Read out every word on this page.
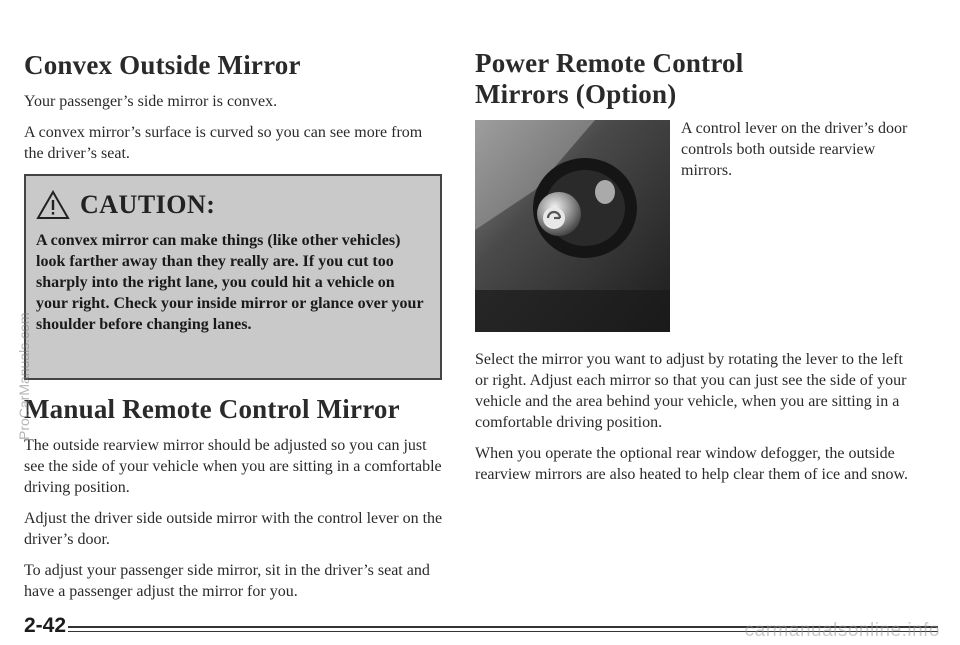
Convex Outside Mirror

Your passenger’s side mirror is convex.

A convex mirror’s surface is curved so you can see more from the driver’s seat.

CAUTION:

A convex mirror can make things (like other vehicles) look farther away than they really are. If you cut too sharply into the right lane, you could hit a vehicle on your right. Check your inside mirror or glance over your shoulder before changing lanes.

Manual Remote Control Mirror

The outside rearview mirror should be adjusted so you can just see the side of your vehicle when you are sitting in a comfortable driving position.

Adjust the driver side outside mirror with the control lever on the driver’s door.

To adjust your passenger side mirror, sit in the driver’s seat and have a passenger adjust the mirror for you.

Power Remote Control Mirrors (Option)

A control lever on the driver’s door controls both outside rearview mirrors.

Select the mirror you want to adjust by rotating the lever to the left or right. Adjust each mirror so that you can just see the side of your vehicle and the area behind your vehicle, when you are sitting in a comfortable driving position.

When you operate the optional rear window defogger, the outside rearview mirrors are also heated to help clear them of ice and snow.

2-42
ProCarManuals.com
carmanualsonline.info
